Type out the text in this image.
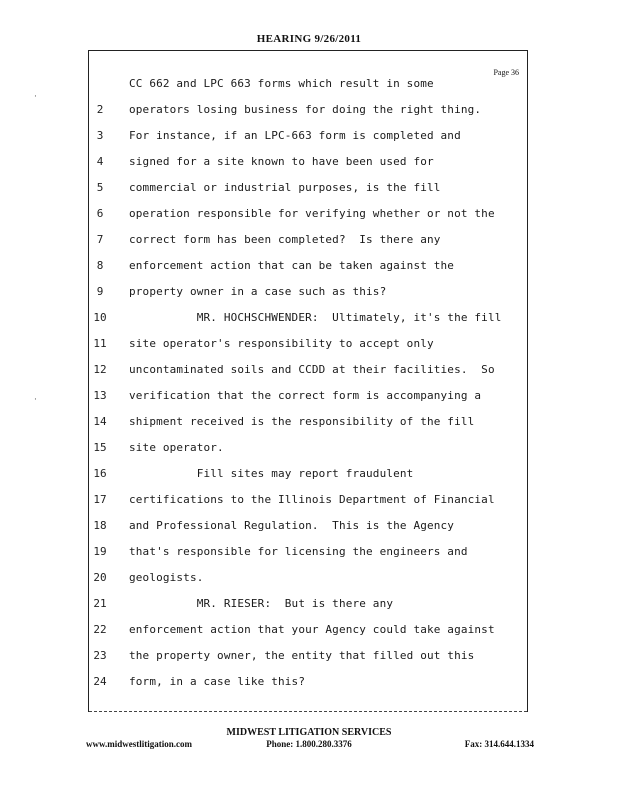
HEARING 9/26/2011
Page 36
CC 662 and LPC 663 forms which result in some
2	operators losing business for doing the right thing.
3	For instance, if an LPC-663 form is completed and
4	signed for a site known to have been used for
5	commercial or industrial purposes, is the fill
6	operation responsible for verifying whether or not the
7	correct form has been completed?  Is there any
8	enforcement action that can be taken against the
9	property owner in a case such as this?
10	MR. HOCHSCHWENDER:  Ultimately, it's the fill
11	site operator's responsibility to accept only
12	uncontaminated soils and CCDD at their facilities.  So
13	verification that the correct form is accompanying a
14	shipment received is the responsibility of the fill
15	site operator.
16	Fill sites may report fraudulent
17	certifications to the Illinois Department of Financial
18	and Professional Regulation.  This is the Agency
19	that's responsible for licensing the engineers and
20	geologists.
21	MR. RIESER:  But is there any
22	enforcement action that your Agency could take against
23	the property owner, the entity that filled out this
24	form, in a case like this?
·
·
MIDWEST LITIGATION SERVICES
www.midwestlitigation.com	Phone: 1.800.280.3376	Fax: 314.644.1334
